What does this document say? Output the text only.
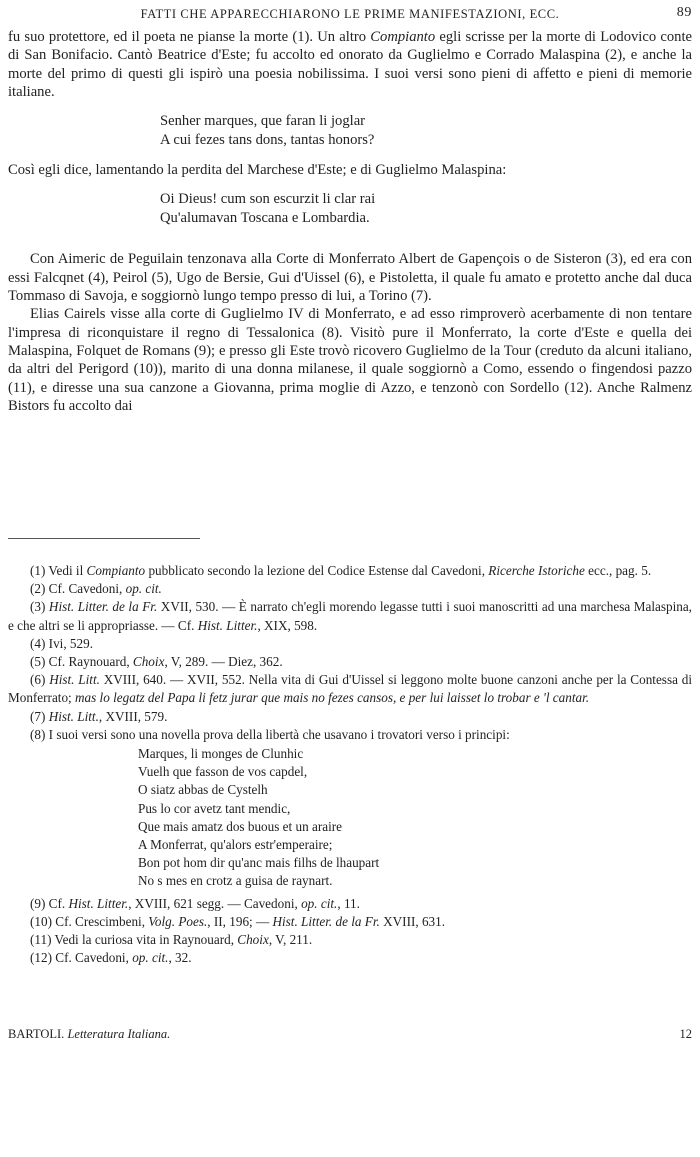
FATTI CHE APPARECCHIARONO LE PRIME MANIFESTAZIONI, ECC.	89

fu suo protettore, ed il poeta ne pianse la morte (1). Un altro Compianto egli scrisse per la morte di Lodovico conte di San Bonifacio. Cantò Beatrice d'Este; fu accolto ed onorato da Guglielmo e Corrado Malaspina (2), e anche la morte del primo di questi gli ispirò una poesia nobilissima. I suoi versi sono pieni di affetto e pieni di memorie italiane.

Senher marques, que faran li joglar
A cui fezes tans dons, tantas honors?

Così egli dice, lamentando la perdita del Marchese d'Este; e di Guglielmo Malaspina:

Oi Dieus! cum son escurzit li clar rai
Qu'alumavan Toscana e Lombardia.

Con Aimeric de Peguilain tenzonava alla Corte di Monferrato Albert de Gapençois o de Sisteron (3), ed era con essi Falcqnet (4), Peirol (5), Ugo de Bersie, Gui d'Uissel (6), e Pistoletta, il quale fu amato e protetto anche dal duca Tommaso di Savoja, e soggiornò lungo tempo presso di lui, a Torino (7).

Elias Cairels visse alla corte di Guglielmo IV di Monferrato, e ad esso rimproverò acerbamente di non tentare l'impresa di riconquistare il regno di Tessalonica (8). Visitò pure il Monferrato, la corte d'Este e quella dei Malaspina, Folquet de Romans (9); e presso gli Este trovò ricovero Guglielmo de la Tour (creduto da alcuni italiano, da altri del Perigord (10)), marito di una donna milanese, il quale soggiornò a Como, essendo o fingendosi pazzo (11), e diresse una sua canzone a Giovanna, prima moglie di Azzo, e tenzonò con Sordello (12). Anche Ralmenz Bistors fu accolto dai

(1) Vedi il Compianto pubblicato secondo la lezione del Codice Estense dal Cavedoni, Ricerche Istoriche ecc., pag. 5.

(2) Cf. Cavedoni, op. cit.

(3) Hist. Litter. de la Fr. XVII, 530. — È narrato ch'egli morendo legasse tutti i suoi manoscritti ad una marchesa Malaspina, e che altri se li appropriasse. — Cf. Hist. Litter., XIX, 598.

(4) Ivi, 529.

(5) Cf. Raynouard, Choix, V, 289. — Diez, 362.

(6) Hist. Litt. XVIII, 640. — XVII, 552. Nella vita di Gui d'Uissel si leggono molte buone canzoni anche per la Contessa di Monferrato; mas lo legatz del Papa li fetz jurar que mais no fezes cansos, e per lui laisset lo trobar e 'l cantar.

(7) Hist. Litt., XVIII, 579.

(8) I suoi versi sono una novella prova della libertà che usavano i trovatori verso i principi:

Marques, li monges de Clunhic
Vuelh que fasson de vos capdel,
O siatz abbas de Cystelh
Pus lo cor avetz tant mendic,
Que mais amatz dos buous et un araire
A Monferrat, qu'alors estr'emperaire;
Bon pot hom dir qu'anc mais filhs de lhaupart
No s mes en crotz a guisa de raynart.

(9) Cf. Hist. Litter., XVIII, 621 segg. — Cavedoni, op. cit., 11.

(10) Cf. Crescimbeni, Volg. Poes., II, 196; — Hist. Litter. de la Fr. XVIII, 631.

(11) Vedi la curiosa vita in Raynouard, Choix, V, 211.

(12) Cf. Cavedoni, op. cit., 32.

BARTOLI. Letteratura Italiana.	12
